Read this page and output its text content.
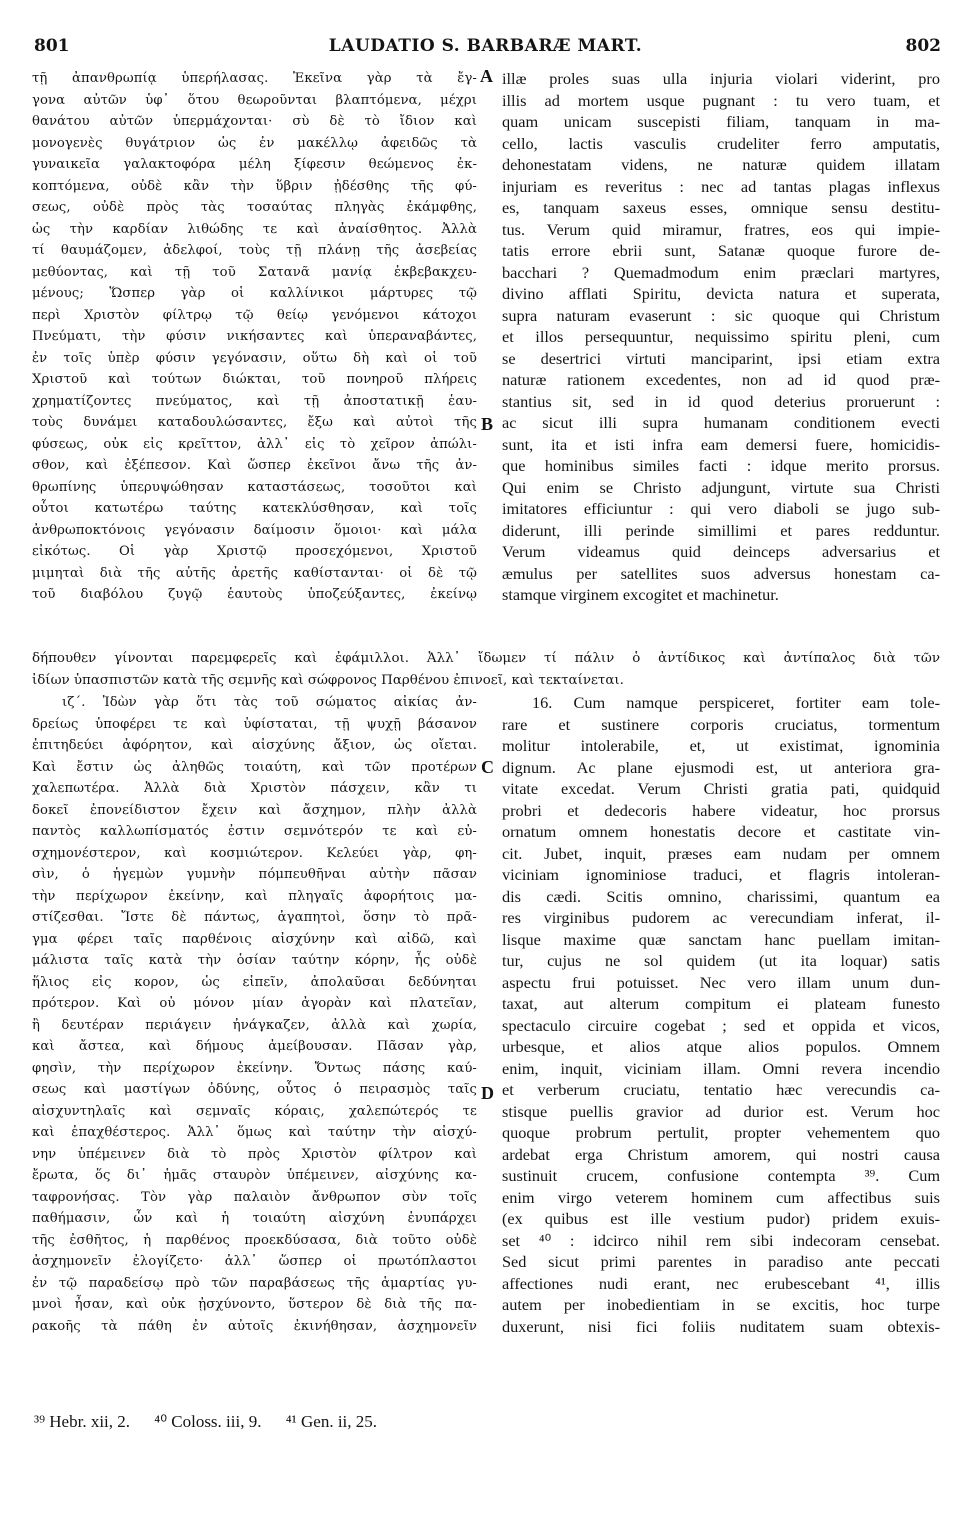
801	LAUDATIO S. BARBARÆ MART.	802
τῇ ἀπανθρωπίᾳ ὑπερήλασας. Ἐκεῖνα γὰρ τὰ ἔγ-
γονα αὐτῶν ὑφ᾽ ὅτου θεωροῦνται βλαπτόμενα, μέχρι
θανάτου αὐτῶν ὑπερμάχονται· σὺ δὲ τὸ ἴδιον καὶ
μονογενὲς θυγάτριον ὡς ἐν μακέλλῳ ἀφειδῶς τὰ
γυναικεῖα γαλακτοφόρα μέλη ξίφεσιν θεώμενος ἐκ-
κοπτόμενα, οὐδὲ κἂν τὴν ὕβριν ᾐδέσθης τῆς φύ-
σεως, οὐδὲ πρὸς τὰς τοσαύτας πληγὰς ἐκάμφθης,
ὡς τὴν καρδίαν λιθώδης τε καὶ ἀναίσθητος. Ἀλλὰ
τί θαυμάζομεν, ἀδελφοί, τοὺς τῇ πλάνῃ τῆς ἀσεβείας
μεθύοντας, καὶ τῇ τοῦ Σατανᾶ μανίᾳ ἐκβεβακχευ-
μένους; Ὥσπερ γὰρ οἱ καλλίνικοι μάρτυρες τῷ
περὶ Χριστὸν φίλτρῳ τῷ θείῳ γενόμενοι κάτοχοι
Πνεύματι, τὴν φύσιν νικήσαντες καὶ ὑπεραναβάντες,
ἐν τοῖς ὑπὲρ φύσιν γεγόνασιν, οὕτω δὴ καὶ οἱ τοῦ
Χριστοῦ καὶ τούτων διώκται, τοῦ πονηροῦ πλήρεις
χρηματίζοντες πνεύματος, καὶ τῇ ἀποστατικῇ ἑαυ-
τοὺς δυνάμει καταδουλώσαντες, ἔξω καὶ αὐτοὶ τῆς
φύσεως, οὐκ εἰς κρεῖττον, ἀλλ᾽ εἰς τὸ χεῖρον ἀπώλι-
σθον, καὶ ἐξέπεσον. Καὶ ὥσπερ ἐκεῖνοι ἄνω τῆς ἀν-
θρωπίνης ὑπερυψώθησαν καταστάσεως, τοσοῦτοι καὶ
οὗτοι κατωτέρω ταύτης κατεκλύσθησαν, καὶ τοῖς
ἀνθρωποκτόνοις γεγόνασιν δαίμοσιν ὅμοιοι· καὶ μάλα
εἰκότως. Οἱ γὰρ Χριστῷ προσεχόμενοι, Χριστοῦ
μιμηταὶ διὰ τῆς αὐτῆς ἀρετῆς καθίστανται· οἱ δὲ τῷ
τοῦ διαβόλου ζυγῷ ἑαυτοὺς ὑποζεύξαντες, ἐκείνῳ
illæ proles suas ulla injuria violari viderint, pro
illis ad mortem usque pugnant : tu vero tuam, et
quam unicam suscepisti filiam, tanquam in ma-
cello, lactis vasculis crudeliter ferro amputatis,
dehonestatam videns, ne naturæ quidem illatam
injuriam es reveritus : nec ad tantas plagas inflexus
es, tanquam saxeus esses, omnique sensu destitu-
tus. Verum quid miramur, fratres, eos qui impie-
tatis errore ebrii sunt, Satanæ quoque furore de-
bacchari ? Quemadmodum enim præclari martyres,
divino afflati Spiritu, devicta natura et superata,
supra naturam evaserunt : sic quoque qui Christum
et illos persequuntur, nequissimo spiritu pleni, cum
se desertrici virtuti manciparint, ipsi etiam extra
naturæ rationem excedentes, non ad id quod præ-
stantius sit, sed in id quod deterius proruerunt :
ac sicut illi supra humanam conditionem evecti
sunt, ita et isti infra eam demersi fuere, homicidis-
que hominibus similes facti : idque merito prorsus.
Qui enim se Christo adjungunt, virtute sua Christi
imitatores efficiuntur : qui vero diaboli se jugo sub-
diderunt, illi perinde simillimi et pares redduntur.
Verum videamus quid deinceps adversarius et
æmulus per satellites suos adversus honestam ca-
stamque virginem excogitet et machinetur.
δήπουθεν γίνονται παρεμφερεῖς καὶ ἐφάμιλλοι. Ἀλλ᾽ ἴδωμεν τί πάλιν ὁ ἀντίδικος καὶ ἀντίπαλος διὰ τῶν
ἰδίων ὑπασπιστῶν κατὰ τῆς σεμνῆς καὶ σώφρονος Παρθένου ἐπινοεῖ, καὶ τεκταίνεται.
ιζ΄. Ἰδὼν γὰρ ὅτι τὰς τοῦ σώματος αἰκίας ἀν-
δρείως ὑποφέρει τε καὶ ὑφίσταται, τῇ ψυχῇ βάσανον
ἐπιτηδεύει ἀφόρητον, καὶ αἰσχύνης ἄξιον, ὡς οἴεται.
Καὶ ἔστιν ὡς ἀληθῶς τοιαύτη, καὶ τῶν προτέρων
χαλεπωτέρα. Ἀλλὰ διὰ Χριστὸν πάσχειν, κἂν τι
δοκεῖ ἐπονείδιστον ἔχειν καὶ ἄσχημον, πλὴν ἀλλὰ
παντὸς καλλωπίσματός ἐστιν σεμνότερόν τε καὶ εὐ-
σχημονέστερον, καὶ κοσμιώτερον. Κελεύει γὰρ, φη-
σὶν, ὁ ἡγεμὼν γυμνὴν πόμπευθῆναι αὐτὴν πᾶσαν
τὴν περίχωρον ἐκείνην, καὶ πληγαῖς ἀφορήτοις μα-
στίζεσθαι. Ἴστε δὲ πάντως, ἀγαπητοὶ, ὅσην τὸ πρᾶ-
γμα φέρει ταῖς παρθένοις αἰσχύνην καὶ αἰδῶ, καὶ
μάλιστα ταῖς κατὰ τὴν ὁσίαν ταύτην κόρην, ἧς οὐδὲ
ἥλιος εἰς κορον, ὡς εἰπεῖν, ἀπολαῦσαι δεδύνηται
πρότερον. Καὶ οὐ μόνον μίαν ἀγορὰν καὶ πλατεῖαν,
ἢ δευτέραν περιάγειν ἠνάγκαζεν, ἀλλὰ καὶ χωρία,
καὶ ἄστεα, καὶ δήμους ἀμείβουσαν. Πᾶσαν γὰρ,
φησὶν, τὴν περίχωρον ἐκείνην. Ὄντως πάσης καύ-
σεως καὶ μαστίγων ὀδύνης, οὗτος ὁ πειρασμὸς ταῖς
αἰσχυντηλαῖς καὶ σεμναῖς κόραις, χαλεπώτερός τε
καὶ ἐπαχθέστερος. Ἀλλ᾽ ὅμως καὶ ταύτην τὴν αἰσχύ-
νην ὑπέμεινεν διὰ τὸ πρὸς Χριστὸν φίλτρον καὶ
ἔρωτα, ὅς δι᾽ ἡμᾶς σταυρὸν ὑπέμεινεν, αἰσχύνης κα-
ταφρονήσας. Τὸν γὰρ παλαιὸν ἄνθρωπον σὺν τοῖς
παθήμασιν, ὧν καὶ ἡ τοιαύτη αἰσχύνη ἐνυπάρχει
τῆς ἐσθῆτος, ἡ παρθένος προεκδύσασα, διὰ τοῦτο οὐδὲ
ἀσχημονεῖν ἐλογίζετο· ἀλλ᾽ ὥσπερ οἱ πρωτόπλαστοι
ἐν τῷ παραδείσῳ πρὸ τῶν παραβάσεως τῆς ἁμαρτίας γυ-
μνοὶ ἦσαν, καὶ οὐκ ᾐσχύνοντο, ὕστερον δὲ διὰ τῆς πα-
ρακοῆς τὰ πάθη ἐν αὐτοῖς ἐκινήθησαν, ἀσχημονεῖν
16. Cum namque perspiceret, fortiter eam tole-
rare et sustinere corporis cruciatus, tormentum
molitur intolerabile, et, ut existimat, ignominia
dignum. Ac plane ejusmodi est, ut anteriora gra-
vitate excedat. Verum Christi gratia pati, quidquid
probri et dedecoris habere videatur, hoc prorsus
ornatum omnem honestatis decore et castitate vin-
cit. Jubet, inquit, præses eam nudam per omnem
viciniam ignominiose traduci, et flagris intoleran-
dis cædi. Scitis omnino, charissimi, quantum ea
res virginibus pudorem ac verecundiam inferat, il-
lisque maxime quæ sanctam hanc puellam imitan-
tur, cujus ne sol quidem (ut ita loquar) satis
aspectu frui potuisset. Nec vero illam unum dun-
taxat, aut alterum compitum ei plateam funesto
spectaculo circuire cogebat ; sed et oppida et vicos,
urbesque, et alios atque alios populos. Omnem
enim, inquit, viciniam illam. Omni revera incendio
et verberum cruciatu, tentatio hæc verecundis ca-
stisque puellis gravior ad durior est. Verum hoc
quoque probrum pertulit, propter vehementem quo
ardebat erga Christum amorem, qui nostri causa
sustinuit crucem, confusione contempta ³⁹. Cum
enim virgo veterem hominem cum affectibus suis
(ex quibus est ille vestium pudor) pridem exuis-
set ⁴⁰ : idcirco nihil rem sibi indecoram censebat.
Sed sicut primi parentes in paradiso ante peccati
affectiones nudi erant, nec erubescebant ⁴¹, illis
autem per inobedientiam in se excitis, hoc turpe
duxerunt, nisi fici foliis nuditatem suam obtexis-
A
B
C
D
³⁹ Hebr. xii, 2. ⁴⁰ Coloss. iii, 9. ⁴¹ Gen. ii, 25.
